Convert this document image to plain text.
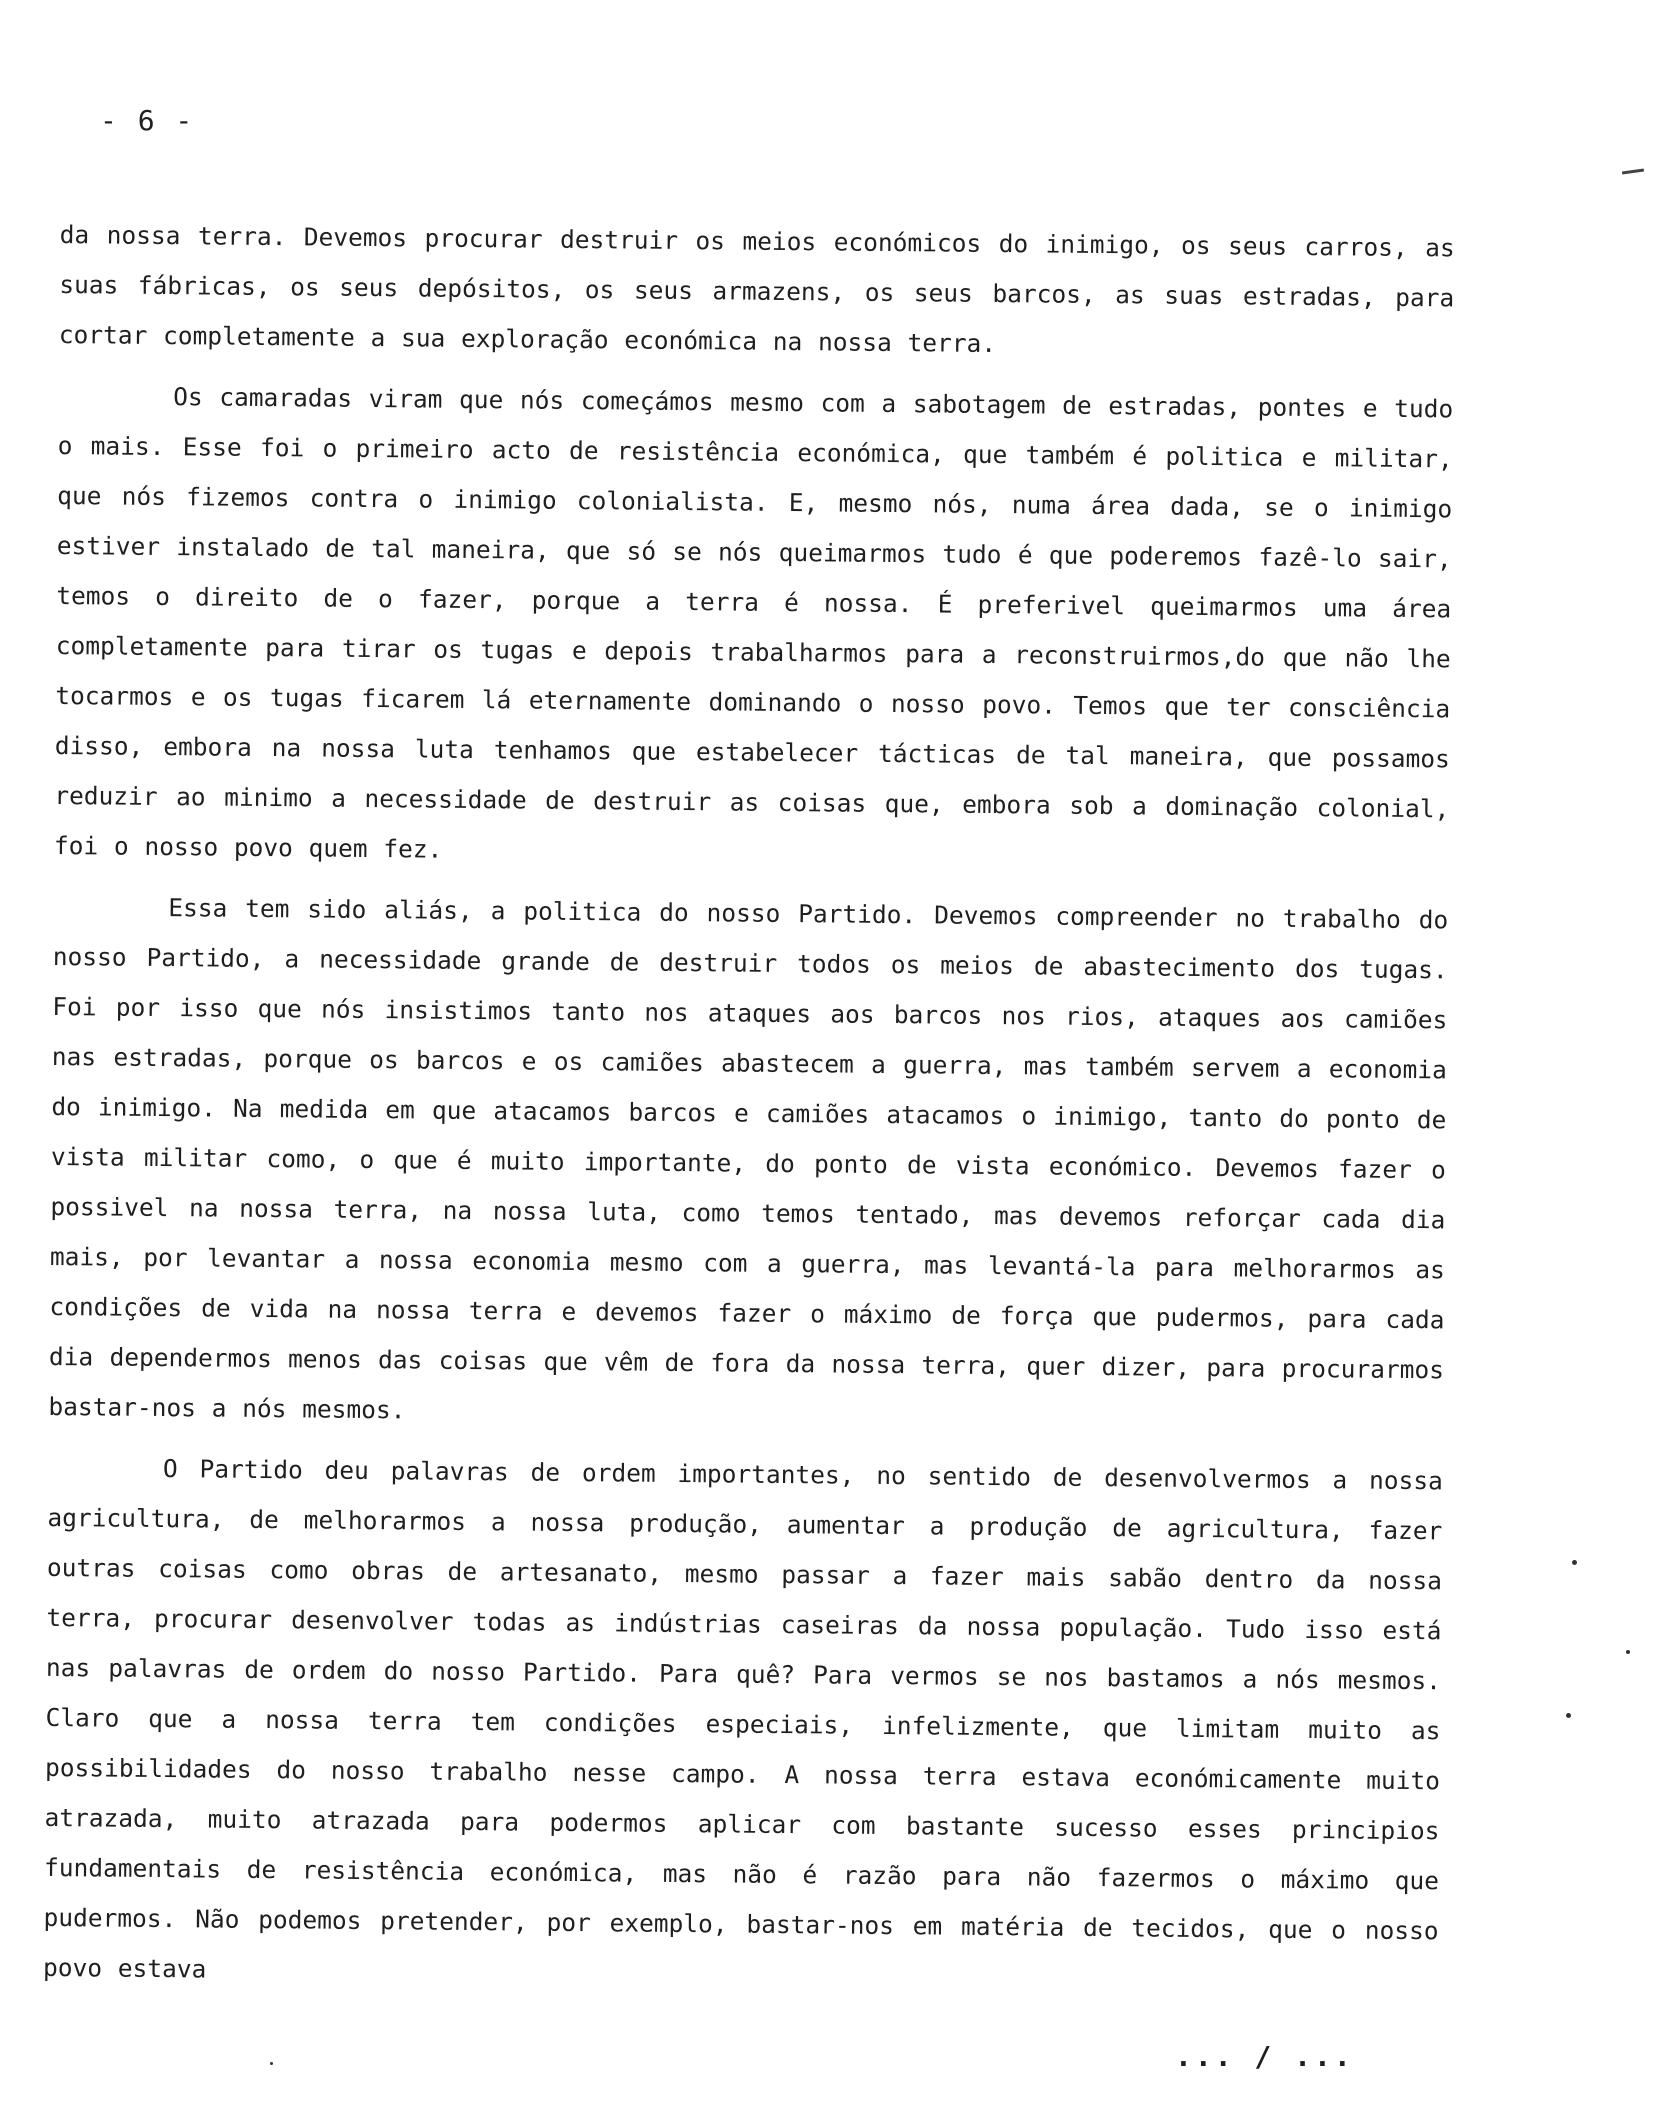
- 6 -

da nossa terra. Devemos procurar destruir os meios económicos do inimigo, os seus carros, as suas fábricas, os seus depósitos, os seus armazens, os seus barcos, as suas estradas, para cortar completamente a sua exploração económica na nossa terra.

Os camaradas viram que nós começámos mesmo com a sabotagem de estradas, pontes e tudo o mais. Esse foi o primeiro acto de resistência económica, que também é politica e militar, que nós fizemos contra o inimigo colonialista. E, mesmo nós, numa área dada, se o inimigo estiver instalado de tal maneira, que só se nós queimarmos tudo é que poderemos fazê-lo sair, temos o direito de o fazer, porque a terra é nossa. É preferivel queimarmos uma área completamente para tirar os tugas e depois trabalharmos para a reconstruirmos,do que não lhe tocarmos e os tugas ficarem lá eternamente dominando o nosso povo. Temos que ter consciência disso, embora na nossa luta tenhamos que estabelecer tácticas de tal maneira, que possamos reduzir ao minimo a necessidade de destruir as coisas que, embora sob a dominação colonial, foi o nosso povo quem fez.

Essa tem sido aliás, a politica do nosso Partido. Devemos compreender no trabalho do nosso Partido, a necessidade grande de destruir todos os meios de abastecimento dos tugas. Foi por isso que nós insistimos tanto nos ataques aos barcos nos rios, ataques aos camiões nas estradas, porque os barcos e os camiões abastecem a guerra, mas também servem a economia do inimigo. Na medida em que atacamos barcos e camiões atacamos o inimigo, tanto do ponto de vista militar como, o que é muito importante, do ponto de vista económico. Devemos fazer o possivel na nossa terra, na nossa luta, como temos tentado, mas devemos reforçar cada dia mais, por levantar a nossa economia mesmo com a guerra, mas levantá-la para melhorarmos as condições de vida na nossa terra e devemos fazer o máximo de força que pudermos, para cada dia dependermos menos das coisas que vêm de fora da nossa terra, quer dizer, para procurarmos bastar-nos a nós mesmos.

O Partido deu palavras de ordem importantes, no sentido de desenvolvermos a nossa agricultura, de melhorarmos a nossa produção, aumentar a produção de agricultura, fazer outras coisas como obras de artesanato, mesmo passar a fazer mais sabão dentro da nossa terra, procurar desenvolver todas as indústrias caseiras da nossa população. Tudo isso está nas palavras de ordem do nosso Partido. Para quê? Para vermos se nos bastamos a nós mesmos. Claro que a nossa terra tem condições especiais, infelizmente, que limitam muito as possibilidades do nosso trabalho nesse campo. A nossa terra estava económicamente muito atrazada, muito atrazada para podermos aplicar com bastante sucesso esses principios fundamentais de resistência económica, mas não é razão para não fazermos o máximo que pudermos. Não podemos pretender, por exemplo, bastar-nos em matéria de tecidos, que o nosso povo estava

... / ...
